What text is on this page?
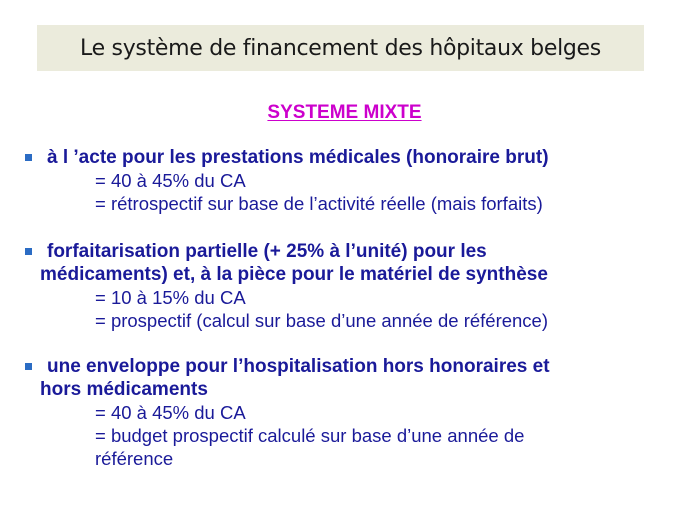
Le système de financement des hôpitaux belges
SYSTEME MIXTE
à l ’acte pour les prestations médicales (honoraire brut)
= 40 à 45% du CA
= rétrospectif sur base de l’activité réelle (mais forfaits)
forfaitarisation partielle (+ 25% à l’unité) pour les
médicaments) et, à la pièce pour le matériel de synthèse
= 10 à 15% du CA
= prospectif (calcul sur base d’une année de référence)
une enveloppe pour l’hospitalisation hors honoraires et
hors médicaments
= 40 à 45% du CA
= budget prospectif calculé sur base d’une année de
référence
